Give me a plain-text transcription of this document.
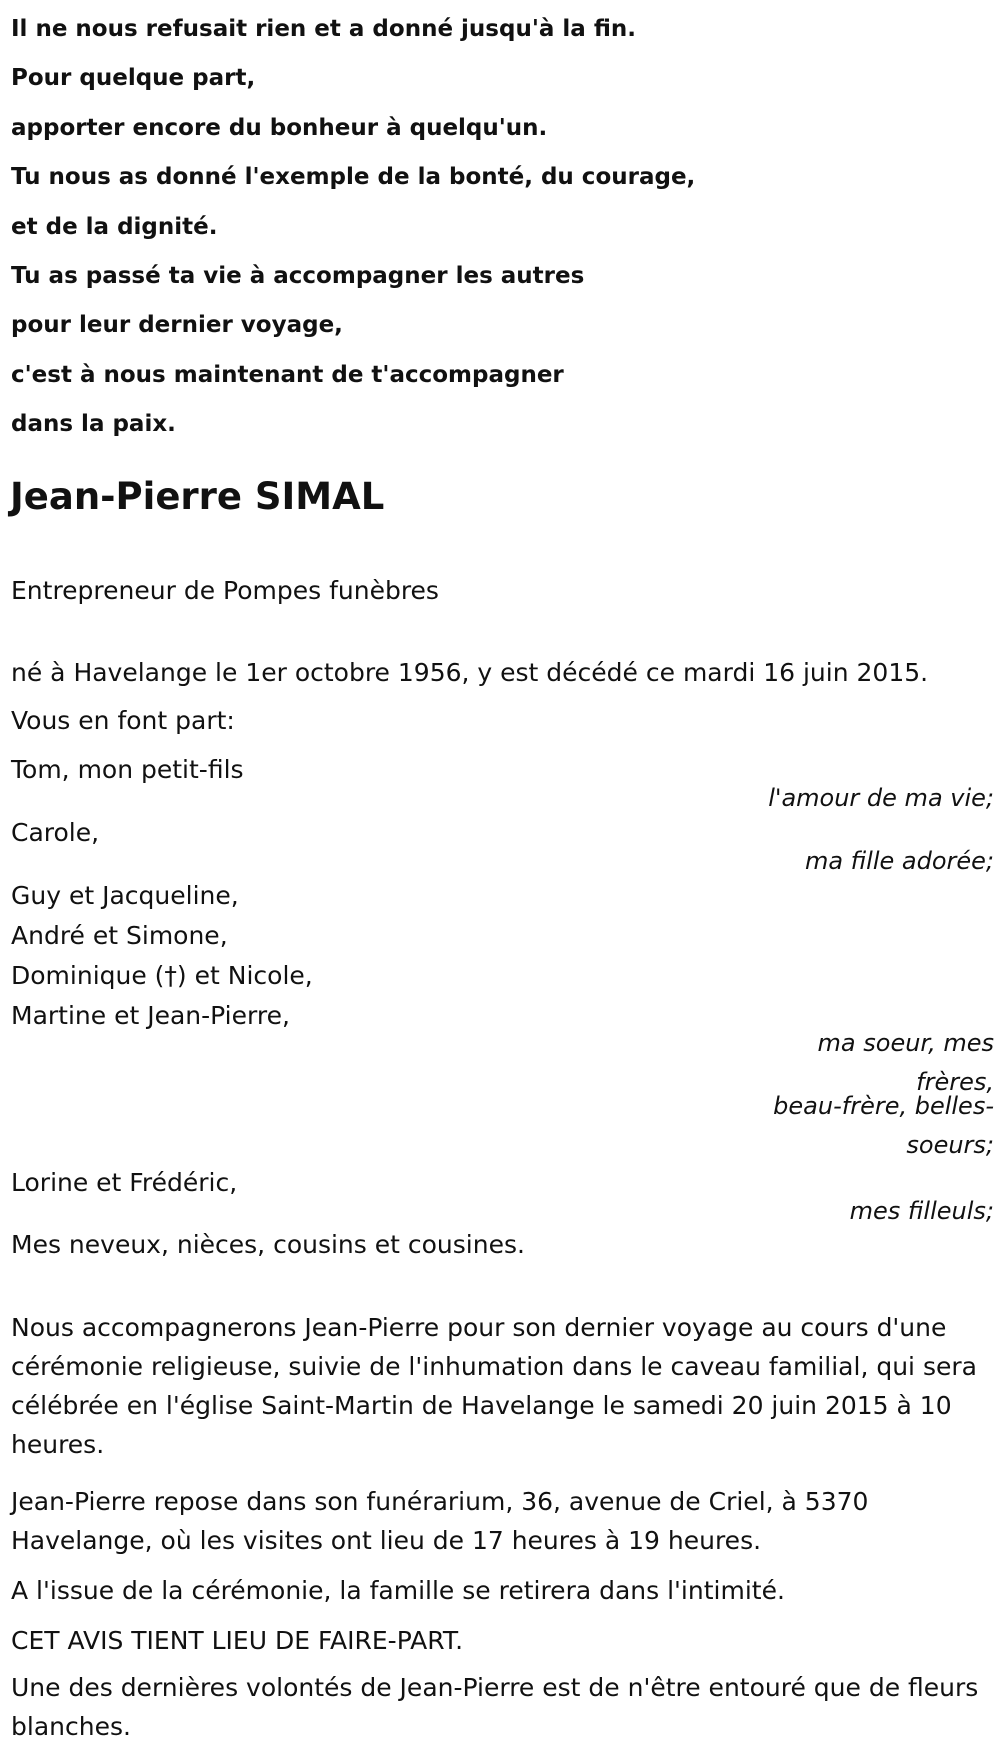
Il ne nous refusait rien et a donné jusqu'à la fin.
Pour quelque part,
apporter encore du bonheur à quelqu'un.
Tu nous as donné l'exemple de la bonté, du courage,
et de la dignité.
Tu as passé ta vie à accompagner les autres
pour leur dernier voyage,
c'est à nous maintenant de t'accompagner
dans la paix.
Jean-Pierre SIMAL
Entrepreneur de Pompes funèbres
né à Havelange le 1er octobre 1956, y est décédé ce mardi 16 juin 2015.
Vous en font part:
Tom, mon petit-fils
l'amour de ma vie;
Carole,
ma fille adorée;
Guy et Jacqueline,
André et Simone,
Dominique (†) et Nicole,
Martine et Jean-Pierre,
ma soeur, mes frères,
beau-frère, belles-soeurs;
Lorine et Frédéric,
mes filleuls;
Mes neveux, nièces, cousins et cousines.
Nous accompagnerons Jean-Pierre pour son dernier voyage au cours d'une cérémonie religieuse, suivie de l'inhumation dans le caveau familial, qui sera célébrée en l'église Saint-Martin de Havelange le samedi 20 juin 2015 à 10 heures.
Jean-Pierre repose dans son funérarium, 36, avenue de Criel, à 5370 Havelange, où les visites ont lieu de 17 heures à 19 heures.
A l'issue de la cérémonie, la famille se retirera dans l'intimité.
CET AVIS TIENT LIEU DE FAIRE-PART.
Une des dernières volontés de Jean-Pierre est de n'être entouré que de fleurs blanches.
